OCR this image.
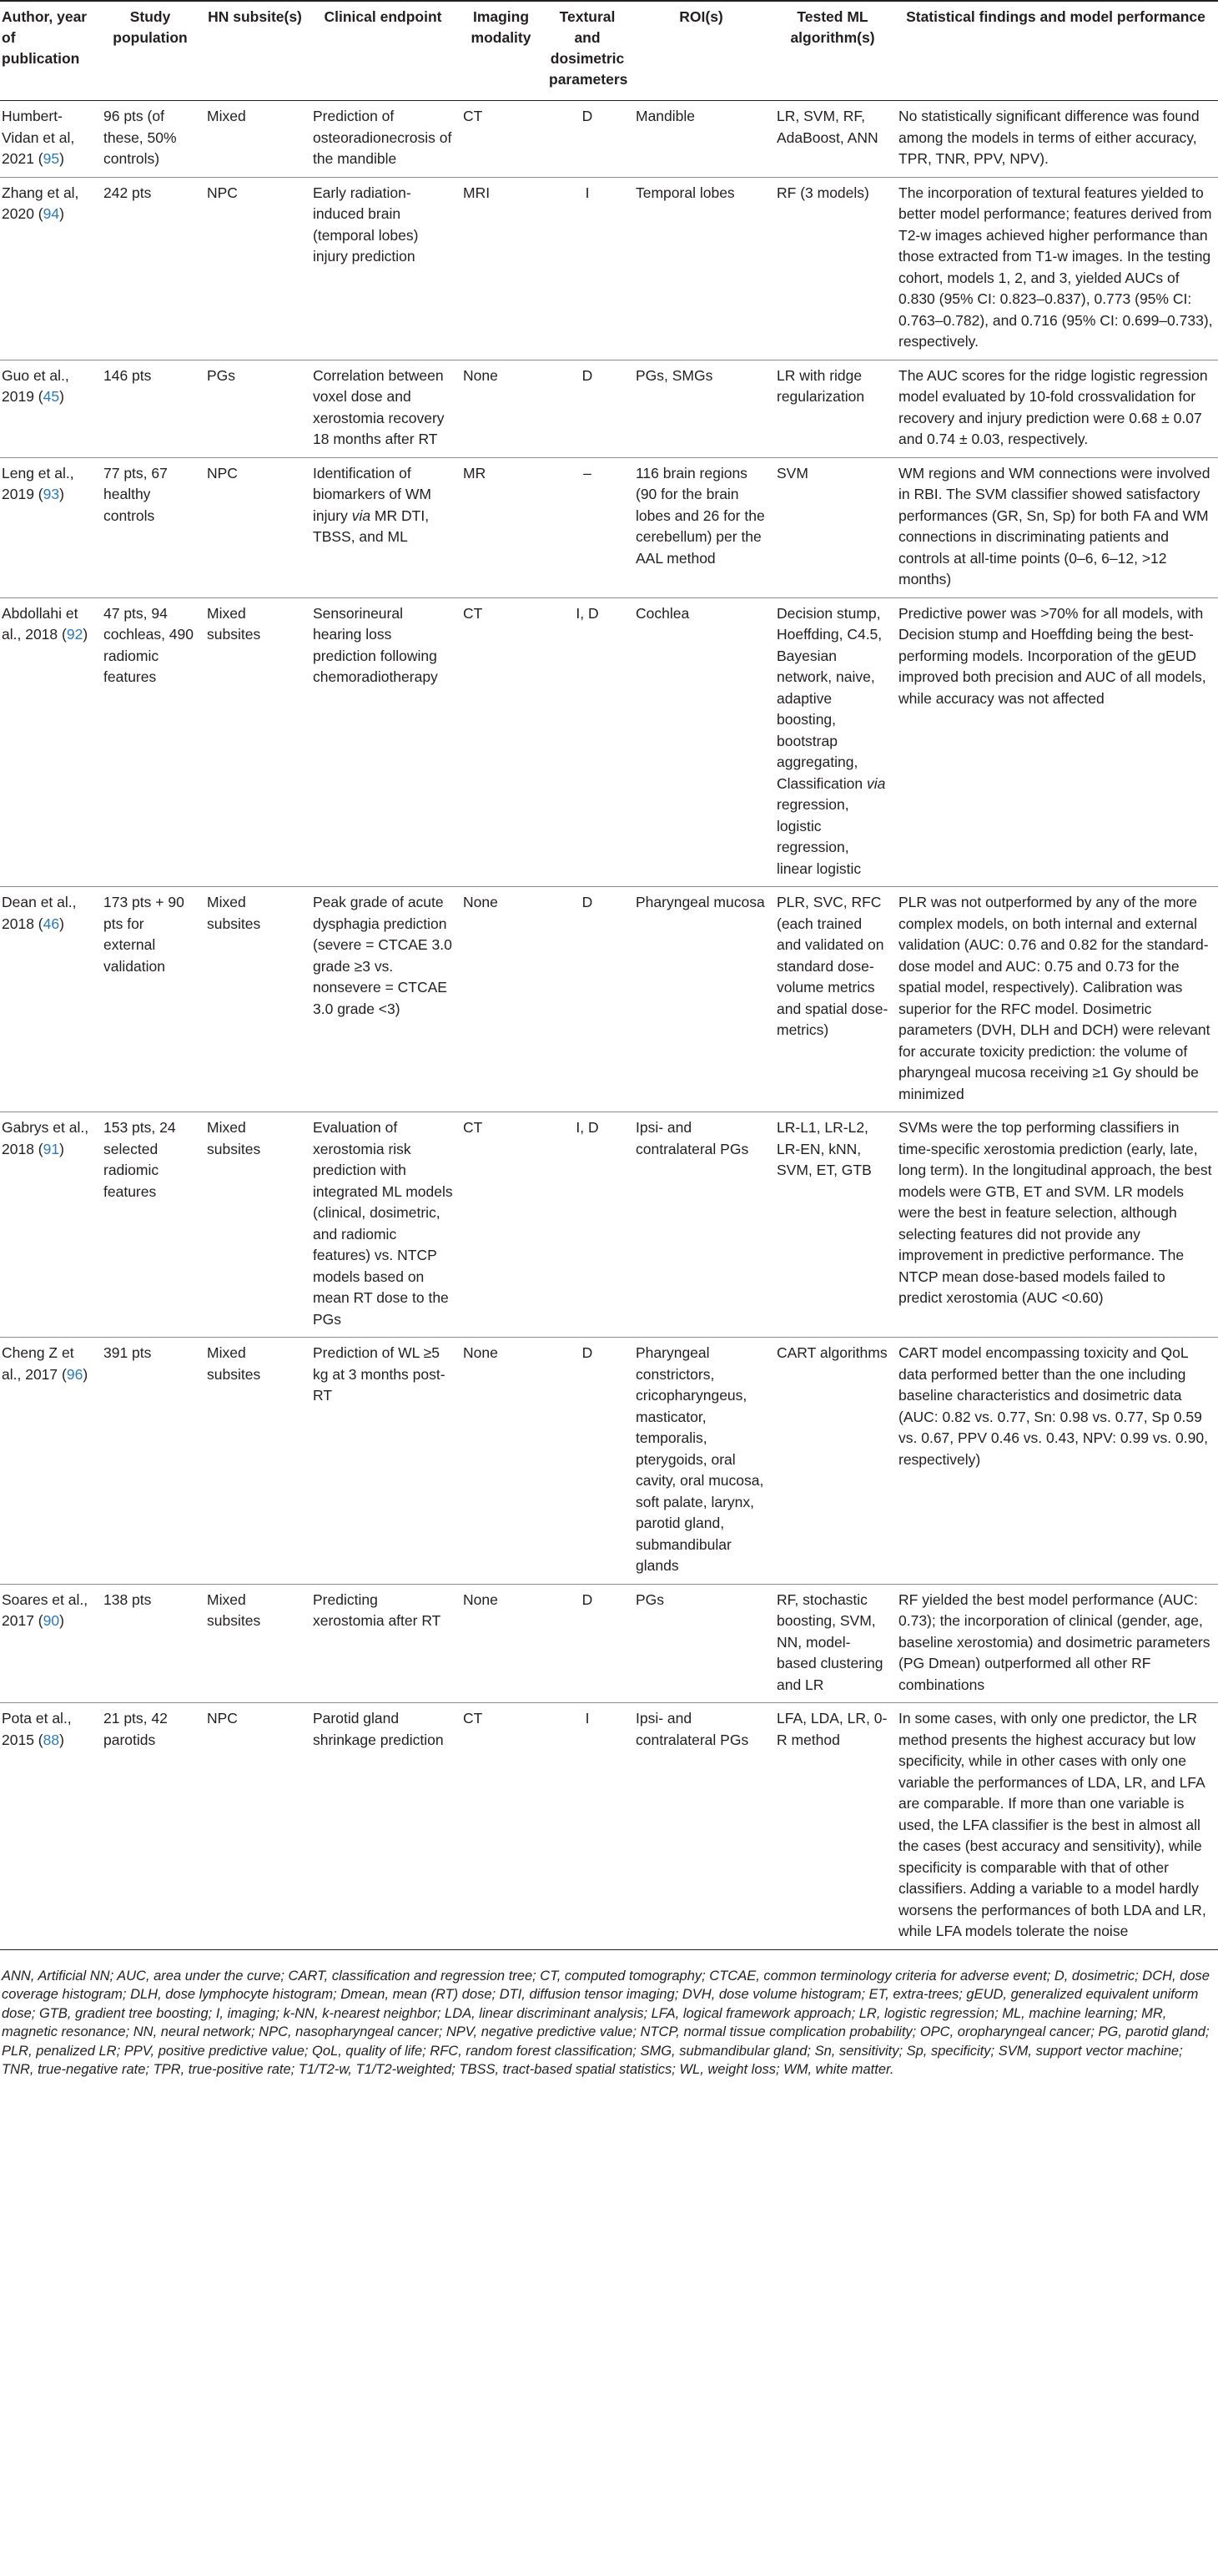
Author, year of publication	Study population	HN subsite(s)	Clinical endpoint	Imaging modality	Textural and dosimetric parameters	ROI(s)	Tested ML algorithm(s)	Statistical findings and model performance
Humbert-Vidan et al, 2021 (95)	96 pts (of these, 50% controls)	Mixed	Prediction of osteoradionecrosis of the mandible	CT	D	Mandible	LR, SVM, RF, AdaBoost, ANN	No statistically significant difference was found among the models in terms of either accuracy, TPR, TNR, PPV, NPV).
Zhang et al, 2020 (94)	242 pts	NPC	Early radiation-induced brain (temporal lobes) injury prediction	MRI	I	Temporal lobes	RF (3 models)	The incorporation of textural features yielded to better model performance; features derived from T2-w images achieved higher performance than those extracted from T1-w images. In the testing cohort, models 1, 2, and 3, yielded AUCs of 0.830 (95% CI: 0.823–0.837), 0.773 (95% CI: 0.763–0.782), and 0.716 (95% CI: 0.699–0.733), respectively.
Guo et al., 2019 (45)	146 pts	PGs	Correlation between voxel dose and xerostomia recovery 18 months after RT	None	D	PGs, SMGs	LR with ridge regularization	The AUC scores for the ridge logistic regression model evaluated by 10-fold crossvalidation for recovery and injury prediction were 0.68 ± 0.07 and 0.74 ± 0.03, respectively.
Leng et al., 2019 (93)	77 pts, 67 healthy controls	NPC	Identification of biomarkers of WM injury via MR DTI, TBSS, and ML	MR	–	116 brain regions (90 for the brain lobes and 26 for the cerebellum) per the AAL method	SVM	WM regions and WM connections were involved in RBI. The SVM classifier showed satisfactory performances (GR, Sn, Sp) for both FA and WM connections in discriminating patients and controls at all-time points (0–6, 6–12, >12 months)
Abdollahi et al., 2018 (92)	47 pts, 94 cochleas, 490 radiomic features	Mixed subsites	Sensorineural hearing loss prediction following chemoradiotherapy	CT	I, D	Cochlea	Decision stump, Hoeffding, C4.5, Bayesian network, naive, adaptive boosting, bootstrap aggregating, Classification via regression, logistic regression, linear logistic	Predictive power was >70% for all models, with Decision stump and Hoeffding being the best-performing models. Incorporation of the gEUD improved both precision and AUC of all models, while accuracy was not affected
Dean et al., 2018 (46)	173 pts + 90 pts for external validation	Mixed subsites	Peak grade of acute dysphagia prediction (severe = CTCAE 3.0 grade ≥3 vs. nonsevere = CTCAE 3.0 grade <3)	None	D	Pharyngeal mucosa	PLR, SVC, RFC (each trained and validated on standard dose-volume metrics and spatial dose-metrics)	PLR was not outperformed by any of the more complex models, on both internal and external validation (AUC: 0.76 and 0.82 for the standard-dose model and AUC: 0.75 and 0.73 for the spatial model, respectively). Calibration was superior for the RFC model. Dosimetric parameters (DVH, DLH and DCH) were relevant for accurate toxicity prediction: the volume of pharyngeal mucosa receiving ≥1 Gy should be minimized
Gabrys et al., 2018 (91)	153 pts, 24 selected radiomic features	Mixed subsites	Evaluation of xerostomia risk prediction with integrated ML models (clinical, dosimetric, and radiomic features) vs. NTCP models based on mean RT dose to the PGs	CT	I, D	Ipsi- and contralateral PGs	LR-L1, LR-L2, LR-EN, kNN, SVM, ET, GTB	SVMs were the top performing classifiers in time-specific xerostomia prediction (early, late, long term). In the longitudinal approach, the best models were GTB, ET and SVM. LR models were the best in feature selection, although selecting features did not provide any improvement in predictive performance. The NTCP mean dose-based models failed to predict xerostomia (AUC <0.60)
Cheng Z et al., 2017 (96)	391 pts	Mixed subsites	Prediction of WL ≥5 kg at 3 months post-RT	None	D	Pharyngeal constrictors, cricopharyngeus, masticator, temporalis, pterygoids, oral cavity, oral mucosa, soft palate, larynx, parotid gland, submandibular glands	CART algorithms	CART model encompassing toxicity and QoL data performed better than the one including baseline characteristics and dosimetric data (AUC: 0.82 vs. 0.77, Sn: 0.98 vs. 0.77, Sp 0.59 vs. 0.67, PPV 0.46 vs. 0.43, NPV: 0.99 vs. 0.90, respectively)
Soares et al., 2017 (90)	138 pts	Mixed subsites	Predicting xerostomia after RT	None	D	PGs	RF, stochastic boosting, SVM, NN, model-based clustering and LR	RF yielded the best model performance (AUC: 0.73); the incorporation of clinical (gender, age, baseline xerostomia) and dosimetric parameters (PG Dmean) outperformed all other RF combinations
Pota et al., 2015 (88)	21 pts, 42 parotids	NPC	Parotid gland shrinkage prediction	CT	I	Ipsi- and contralateral PGs	LFA, LDA, LR, 0-R method	In some cases, with only one predictor, the LR method presents the highest accuracy but low specificity, while in other cases with only one variable the performances of LDA, LR, and LFA are comparable. If more than one variable is used, the LFA classifier is the best in almost all the cases (best accuracy and sensitivity), while specificity is comparable with that of other classifiers. Adding a variable to a model hardly worsens the performances of both LDA and LR, while LFA models tolerate the noise

ANN, Artificial NN; AUC, area under the curve; CART, classification and regression tree; CT, computed tomography; CTCAE, common terminology criteria for adverse event; D, dosimetric; DCH, dose coverage histogram; DLH, dose lymphocyte histogram; Dmean, mean (RT) dose; DTI, diffusion tensor imaging; DVH, dose volume histogram; ET, extra-trees; gEUD, generalized equivalent uniform dose; GTB, gradient tree boosting; I, imaging; k-NN, k-nearest neighbor; LDA, linear discriminant analysis; LFA, logical framework approach; LR, logistic regression; ML, machine learning; MR, magnetic resonance; NN, neural network; NPC, nasopharyngeal cancer; NPV, negative predictive value; NTCP, normal tissue complication probability; OPC, oropharyngeal cancer; PG, parotid gland; PLR, penalized LR; PPV, positive predictive value; QoL, quality of life; RFC, random forest classification; SMG, submandibular gland; Sn, sensitivity; Sp, specificity; SVM, support vector machine; TNR, true-negative rate; TPR, true-positive rate; T1/T2-w, T1/T2-weighted; TBSS, tract-based spatial statistics; WL, weight loss; WM, white matter.
